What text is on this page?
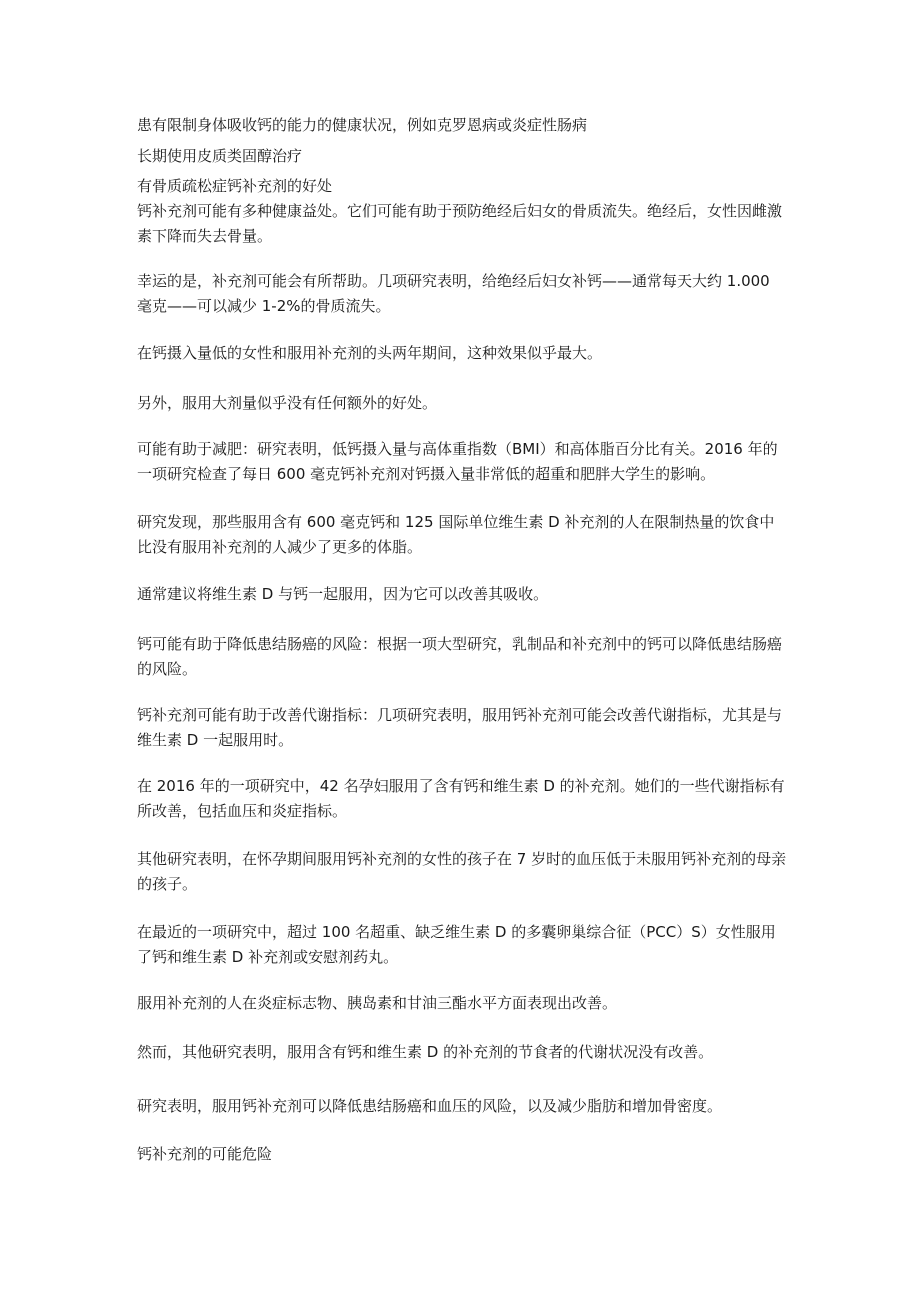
患有限制身体吸收钙的能力的健康状况，例如克罗恩病或炎症性肠病
长期使用皮质类固醇治疗
有骨质疏松症钙补充剂的好处

钙补充剂可能有多种健康益处。它们可能有助于预防绝经后妇女的骨质流失。绝经后，女性因雌激素下降而失去骨量。

幸运的是，补充剂可能会有所帮助。几项研究表明，给绝经后妇女补钙——通常每天大约 1.000 毫克——可以减少 1-2%的骨质流失。

在钙摄入量低的女性和服用补充剂的头两年期间，这种效果似乎最大。

另外，服用大剂量似乎没有任何额外的好处。

可能有助于减肥：研究表明，低钙摄入量与高体重指数（BMI）和高体脂百分比有关。2016 年的一项研究检查了每日 600 毫克钙补充剂对钙摄入量非常低的超重和肥胖大学生的影响。

研究发现，那些服用含有 600 毫克钙和 125 国际单位维生素 D 补充剂的人在限制热量的饮食中比没有服用补充剂的人减少了更多的体脂。

通常建议将维生素 D 与钙一起服用，因为它可以改善其吸收。

钙可能有助于降低患结肠癌的风险：根据一项大型研究，乳制品和补充剂中的钙可以降低患结肠癌的风险。

钙补充剂可能有助于改善代谢指标：几项研究表明，服用钙补充剂可能会改善代谢指标，尤其是与维生素 D 一起服用时。

在 2016 年的一项研究中，42 名孕妇服用了含有钙和维生素 D 的补充剂。她们的一些代谢指标有所改善，包括血压和炎症指标。

其他研究表明，在怀孕期间服用钙补充剂的女性的孩子在 7 岁时的血压低于未服用钙补充剂的母亲的孩子。

在最近的一项研究中，超过 100 名超重、缺乏维生素 D 的多囊卵巢综合征（PCC）S）女性服用了钙和维生素 D 补充剂或安慰剂药丸。

服用补充剂的人在炎症标志物、胰岛素和甘油三酯水平方面表现出改善。

然而，其他研究表明，服用含有钙和维生素 D 的补充剂的节食者的代谢状况没有改善。

研究表明，服用钙补充剂可以降低患结肠癌和血压的风险，以及减少脂肪和增加骨密度。

钙补充剂的可能危险
